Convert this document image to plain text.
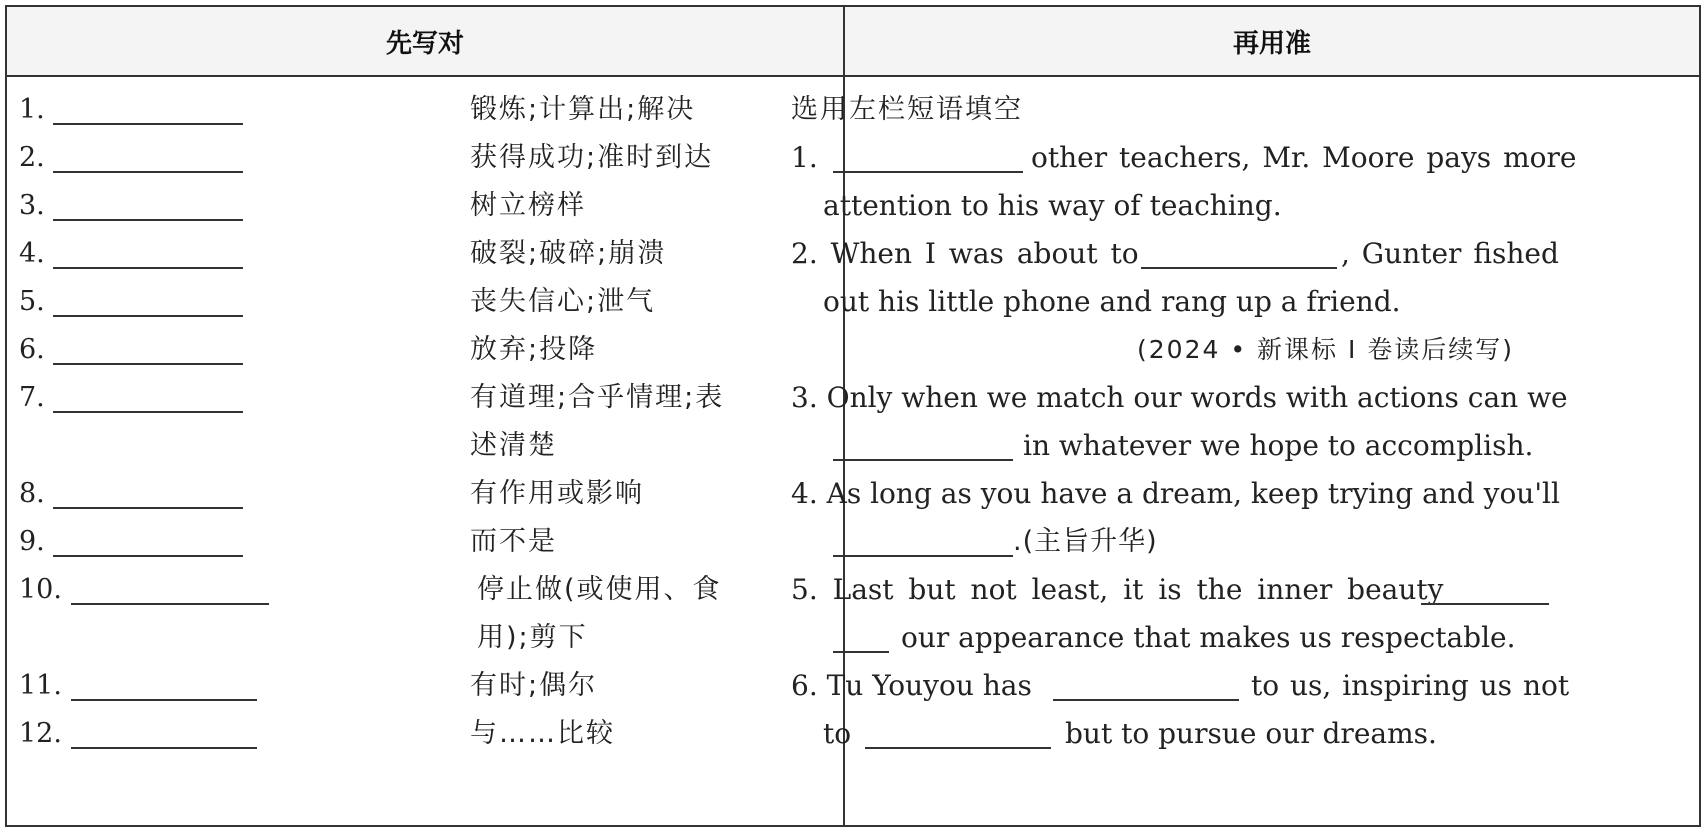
先写对	再用准
1.	锻炼;计算出;解决
2.	获得成功;准时到达
3.	树立榜样
4.	破裂;破碎;崩溃
5.	丧失信心;泄气
6.	放弃;投降
7.	有道理;合乎情理;表
述清楚
8.	有作用或影响
9.	而不是
10.	停止做(或使用、食
用);剪下
11.	有时;偶尔
12.	与……比较
选用左栏短语填空
1.	other teachers, Mr. Moore pays more
attention to his way of teaching.
2. When I was about to	, Gunter fished
out his little phone and rang up a friend.
(2024 • 新课标 Ⅰ 卷读后续写)
3. Only when we match our words with actions can we
in whatever we hope to accomplish.
4. As long as you have a dream, keep trying and you'll
.(主旨升华)
5. Last but not least, it is the inner beauty
our appearance that makes us respectable.
6. Tu Youyou has	to us, inspiring us not
to	but to pursue our dreams.
